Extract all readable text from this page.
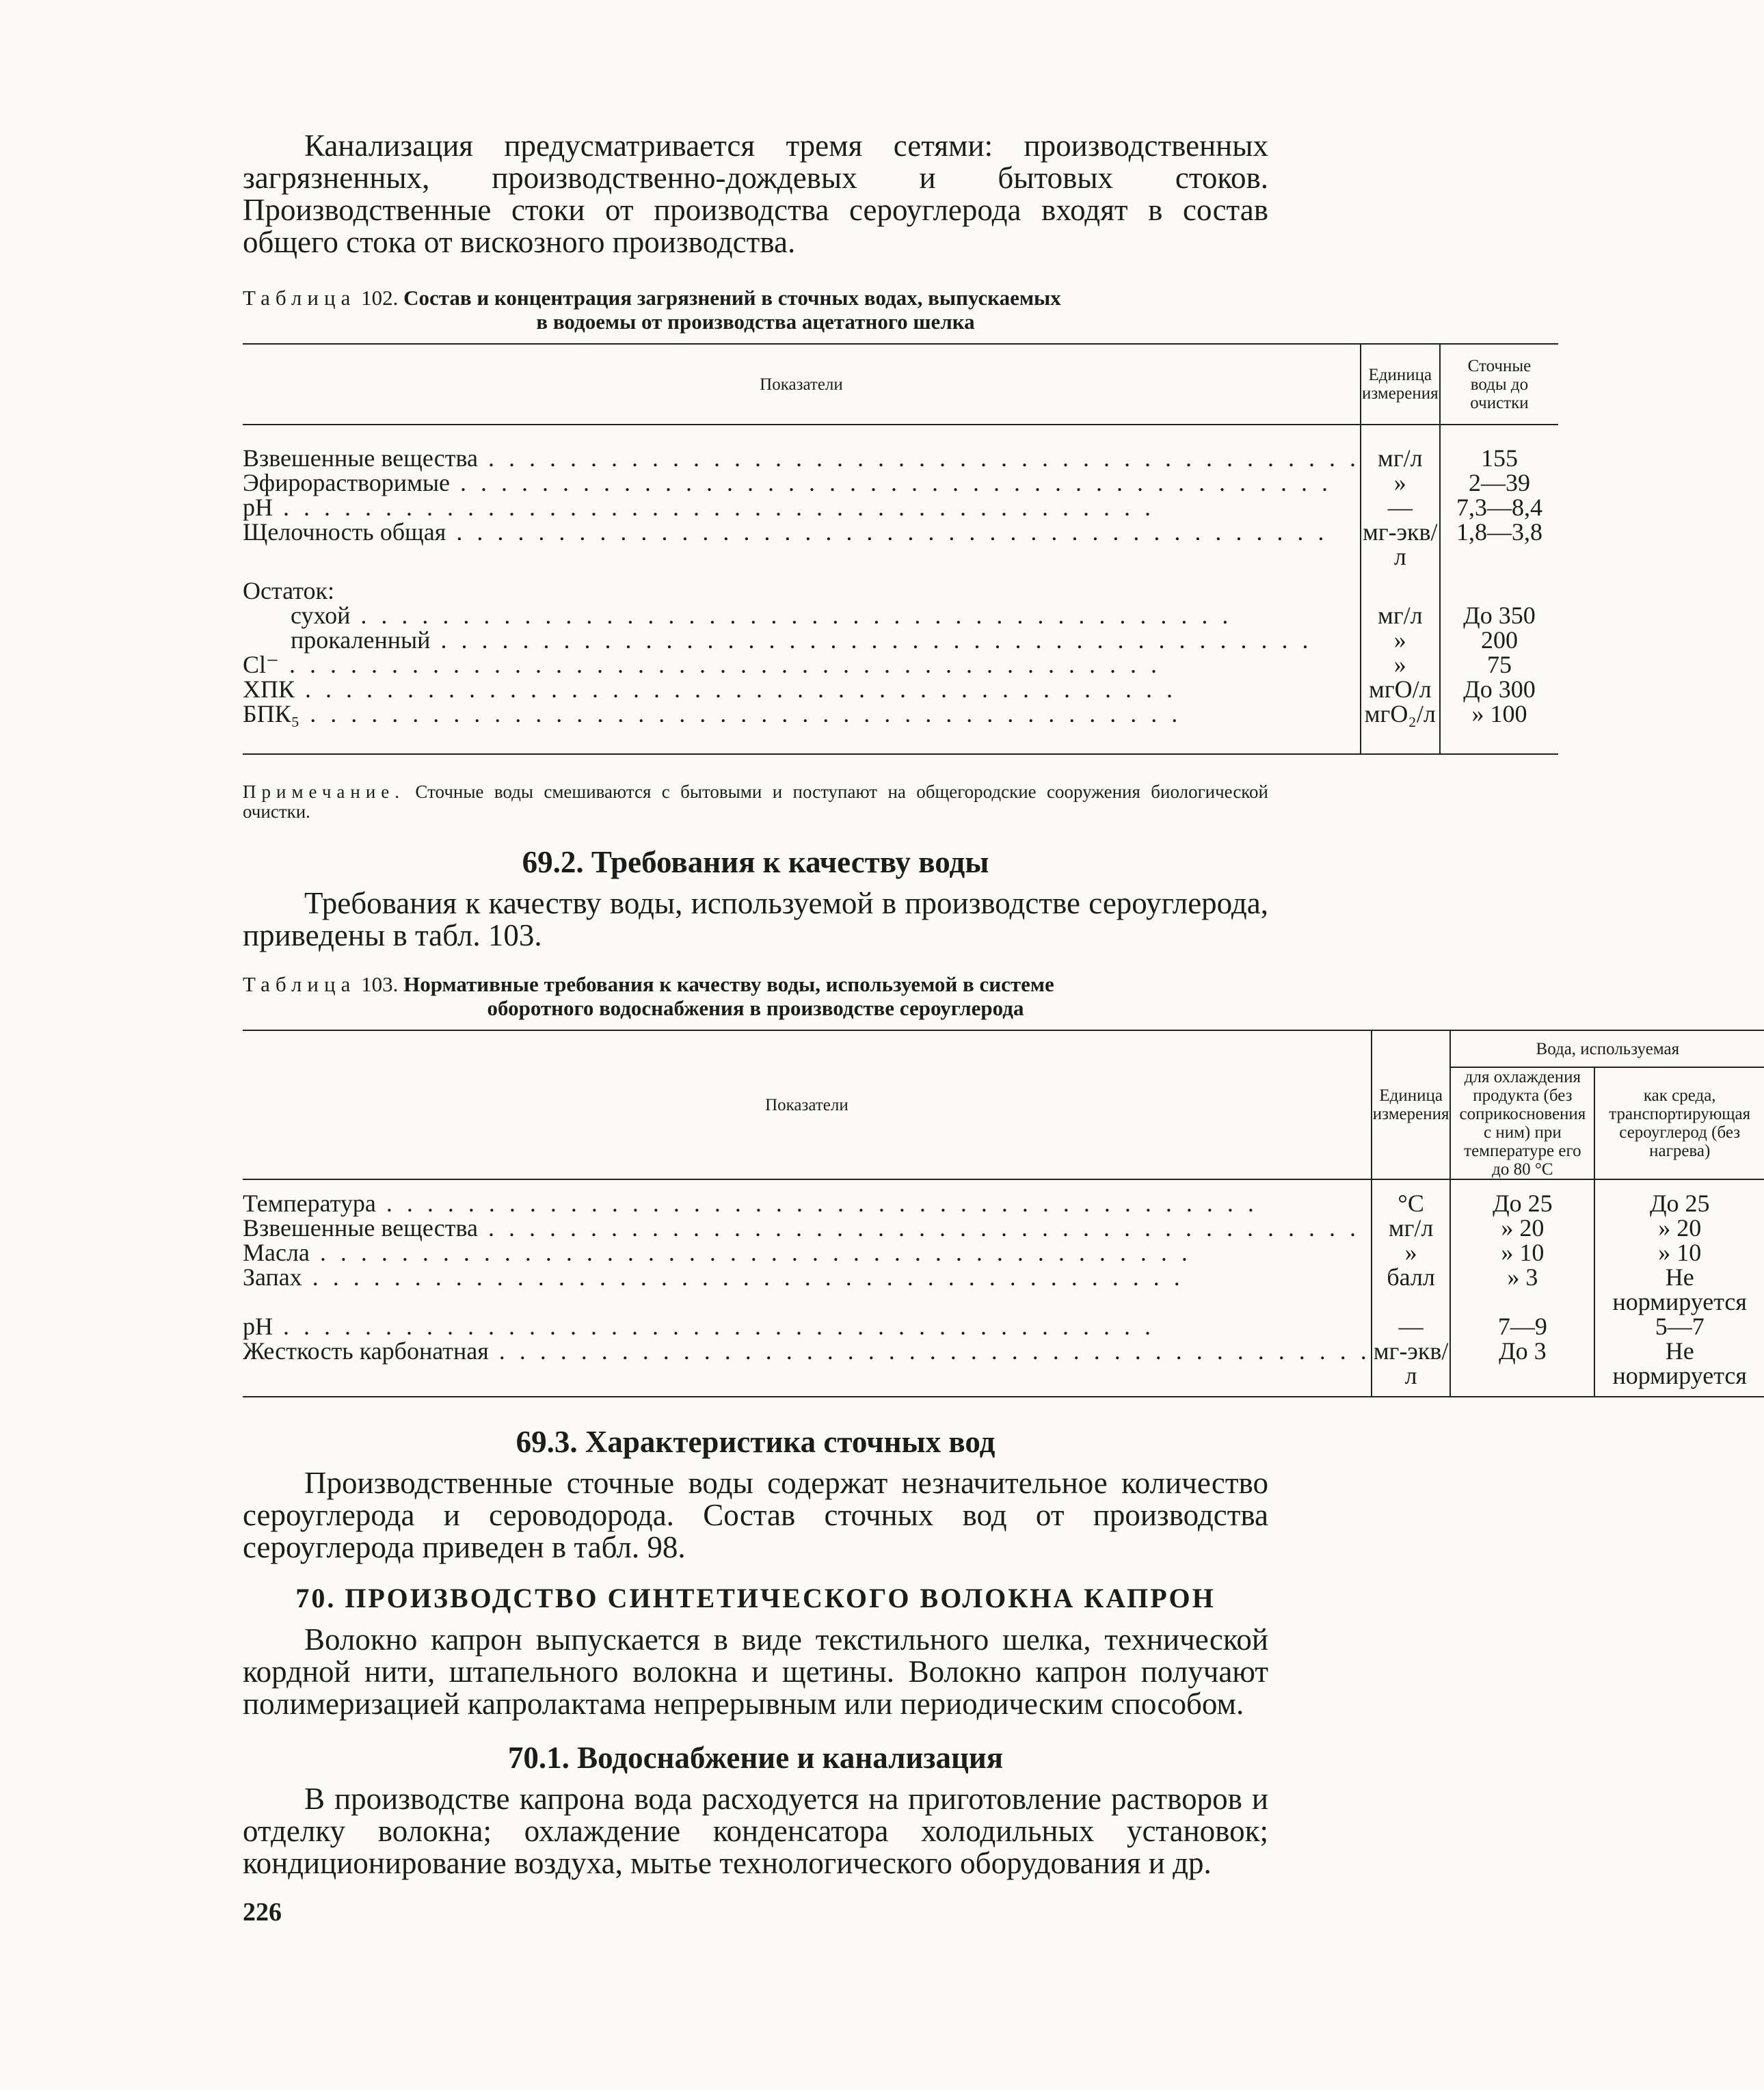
Канализация предусматривается тремя сетями: производственных загрязненных, производственно-дождевых и бытовых стоков. Производственные стоки от производства сероуглерода входят в состав общего стока от вискозного производства.

Таблица 102. Состав и концентрация загрязнений в сточных водах, выпускаемых
в водоемы от производства ацетатного шелка

Показатели	Единица измерения	Сточные воды до очистки

Взвешенные вещества . . .	мг/л	155
Эфирорастворимые . . .	»	2—39
pH . . .	—	7,3—8,4
Щелочность общая . . .	мг-экв/л	1,8—3,8
Остаток:		
сухой . . .	мг/л	До 350
прокаленный . . .	»	200
Cl⁻ . . .	»	75
ХПК . . .	мгО/л	До 300
БПК₅ . . .	мгО₂/л	» 100

Примечание. Сточные воды смешиваются с бытовыми и поступают на общегородские сооружения биологической очистки.

69.2. Требования к качеству воды

Требования к качеству воды, используемой в производстве сероуглерода, приведены в табл. 103.

Таблица 103. Нормативные требования к качеству воды, используемой в системе
оборотного водоснабжения в производстве сероуглерода

Показатели	Единица измерения	Вода, используемая	
		для охлаждения продукта (без соприкосновения с ним) при температуре его до 80 °С	как среда, транспортирующая сероуглерод (без нагрева)

Температура . . .	°С	До 25	До 25
Взвешенные вещества . . .	мг/л	» 20	» 20
Масла . . .	»	» 10	» 10
Запах . . .	балл	» 3	Не нормируется
pH . . .	—	7—9	5—7
Жесткость карбонатная . . .	мг-экв/л	До 3	Не нормируется

69.3. Характеристика сточных вод

Производственные сточные воды содержат незначительное количество сероуглерода и сероводорода. Состав сточных вод от производства сероуглерода приведен в табл. 98.

70. ПРОИЗВОДСТВО СИНТЕТИЧЕСКОГО ВОЛОКНА КАПРОН

Волокно капрон выпускается в виде текстильного шелка, технической кордной нити, штапельного волокна и щетины. Волокно капрон получают полимеризацией капролактама непрерывным или периодическим способом.

70.1. Водоснабжение и канализация

В производстве капрона вода расходуется на приготовление растворов и отделку волокна; охлаждение конденсатора холодильных установок; кондиционирование воздуха, мытье технологического оборудования и др.

226
